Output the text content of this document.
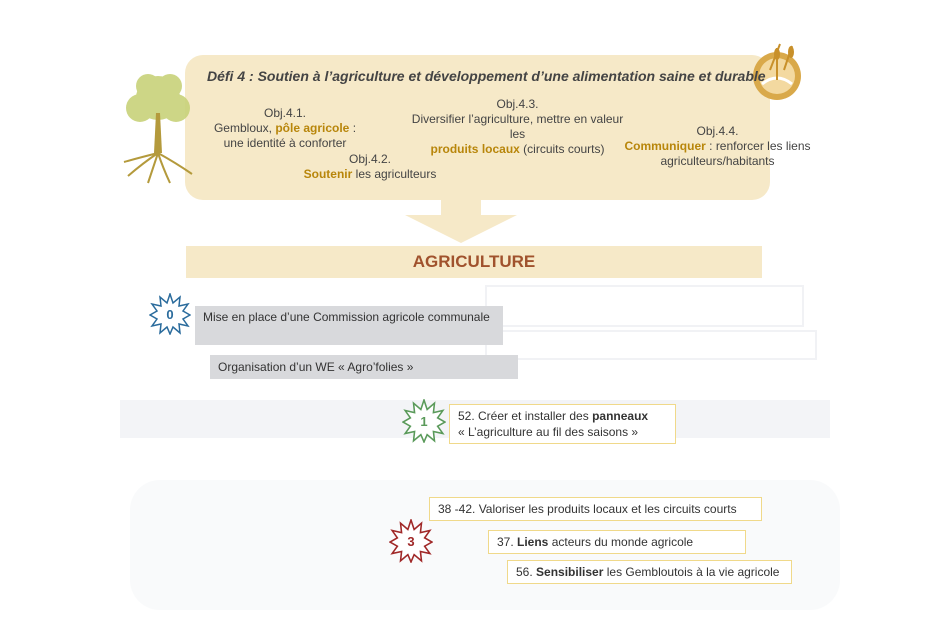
Défi 4 : Soutien à l’agriculture et développement d’une alimentation saine et durable
Obj.4.1.
Gembloux, pôle agricole :
une identité à conforter
Obj.4.2.
Soutenir les agriculteurs
Obj.4.3.
Diversifier l’agriculture, mettre en valeur les
produits locaux (circuits courts)
Obj.4.4.
Communiquer : renforcer les liens
agriculteurs/habitants
AGRICULTURE
0	Mise en place d’une Commission agricole communale
Organisation d’un WE « Agro’folies »
1	52. Créer et installer des panneaux
« L’agriculture au fil des saisons »
3
38 -42. Valoriser les produits locaux et les circuits courts
37. Liens acteurs du monde agricole
56. Sensibiliser les Gembloutois à la vie agricole
